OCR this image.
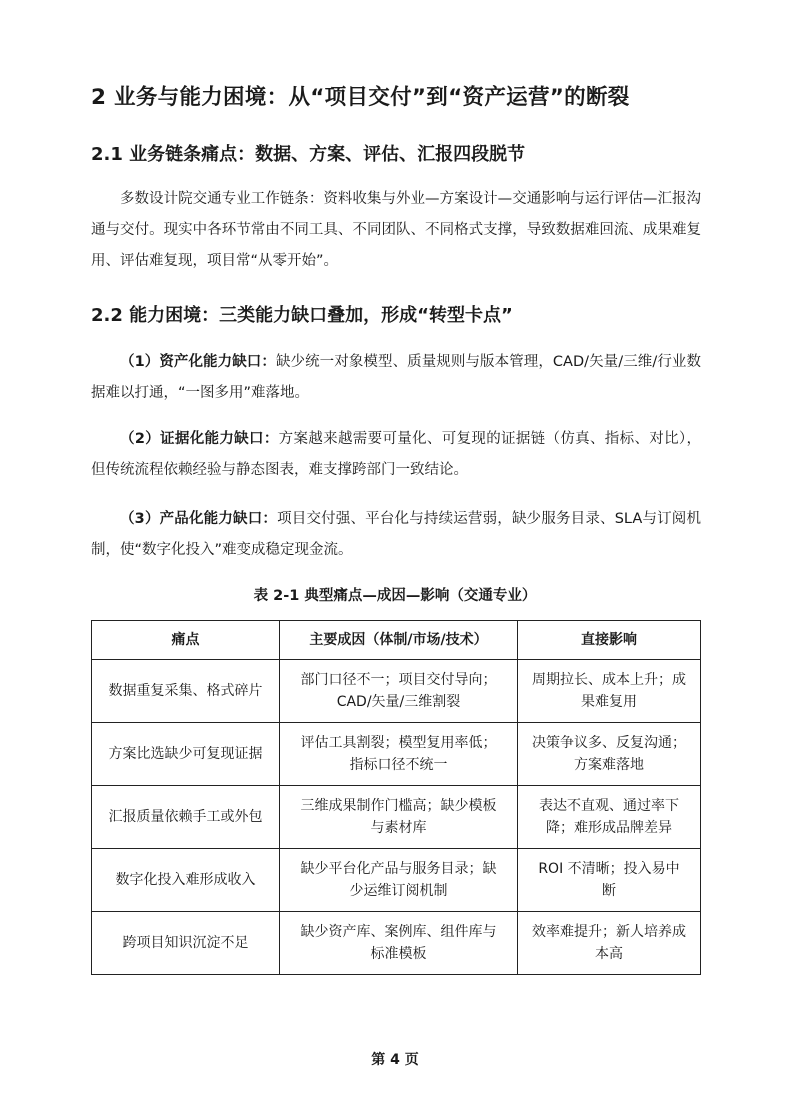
2 业务与能力困境：从“项目交付”到“资产运营”的断裂
2.1 业务链条痛点：数据、方案、评估、汇报四段脱节
多数设计院交通专业工作链条：资料收集与外业—方案设计—交通影响与运行评估—汇报沟通与交付。现实中各环节常由不同工具、不同团队、不同格式支撑，导致数据难回流、成果难复用、评估难复现，项目常“从零开始”。
2.2 能力困境：三类能力缺口叠加，形成“转型卡点”
（1）资产化能力缺口：缺少统一对象模型、质量规则与版本管理，CAD/矢量/三维/行业数据难以打通，“一图多用”难落地。
（2）证据化能力缺口：方案越来越需要可量化、可复现的证据链（仿真、指标、对比），但传统流程依赖经验与静态图表，难支撑跨部门一致结论。
（3）产品化能力缺口：项目交付强、平台化与持续运营弱，缺少服务目录、SLA与订阅机制，使“数字化投入”难变成稳定现金流。
表 2-1 典型痛点—成因—影响（交通专业）
痛点	主要成因（体制/市场/技术）	直接影响
数据重复采集、格式碎片	部门口径不一；项目交付导向；CAD/矢量/三维割裂	周期拉长、成本上升；成果难复用
方案比选缺少可复现证据	评估工具割裂；模型复用率低；指标口径不统一	决策争议多、反复沟通；方案难落地
汇报质量依赖手工或外包	三维成果制作门槛高；缺少模板与素材库	表达不直观、通过率下降；难形成品牌差异
数字化投入难形成收入	缺少平台化产品与服务目录；缺少运维订阅机制	ROI 不清晰；投入易中断
跨项目知识沉淀不足	缺少资产库、案例库、组件库与标准模板	效率难提升；新人培养成本高
第 4 页
